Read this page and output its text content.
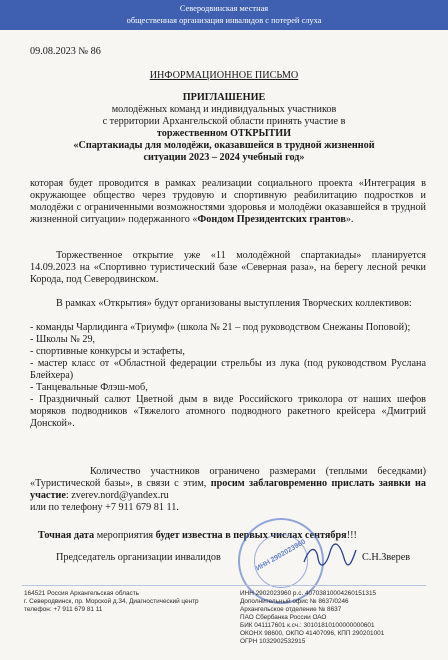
Северодвинская местная
общественная организация инвалидов с потерей слуха
09.08.2023 № 86
ИНФОРМАЦИОННОЕ ПИСЬМО
ПРИГЛАШЕНИЕ
молодёжных команд и индивидуальных участников
с территории Архангельской области принять участие в
торжественном ОТКРЫТИИ
«Спартакиады для молодёжи, оказавшейся в трудной жизненной
ситуации 2023 – 2024 учебный год»
которая будет проводится в рамках реализации социального проекта «Интеграция в окружающее общество через трудовую и спортивную реабилитацию подростков и молодёжи с ограниченными возможностями здоровья и молодёжи оказавшейся в трудной жизненной ситуации» подержанного «Фондом Президентских грантов».
Торжественное открытие уже «11 молодёжной спартакиады» планируется 14.09.2023 на «Спортивно туристический базе «Северная раза», на берегу лесной речки Корода, под Северодвинском.
В рамках «Открытия» будут организованы выступления Творческих коллективов:
- команды Чарлидинга «Триумф» (школа № 21 – под руководством Снежаны Поповой);
- Школы № 29,
- спортивные конкурсы и эстафеты,
- мастер класс от «Областной федерации стрельбы из лука (под руководством Руслана Блейхера)
- Танцевальные Флэш-моб,
- Праздничный салют Цветной дым в виде Российского триколора от наших шефов моряков подводников «Тяжелого атомного подводного ракетного крейсера «Дмитрий Донской».
Количество участников ограничено размерами (теплыми беседками) «Туристической базы», в связи с этим, просим заблаговременно прислать заявки на участие: zverev.nord@yandex.ru
или по телефону +7 911 679 81 11.
Точная дата мероприятия будет известна в первых числах сентября!!!
Председатель организации инвалидов	С.Н.Зверев
ИНН 2902023960
164521 Россия Архангельская область
г. Северодвинск, пр. Морской д.34, Диагностический центр
телефон: +7 911 679 81 11
ИНН 2902023960 р.с. 40703810004260151315
Дополнительный офис № 8637/0246
Архангельское отделение № 8637
ПАО Сбербанка России ОАО
БИК 041117601 к.сч.: 30101810100000000601
ОКОНХ 98600, ОКПО 41407096, КПП 290201001
ОГРН 1032902532915
